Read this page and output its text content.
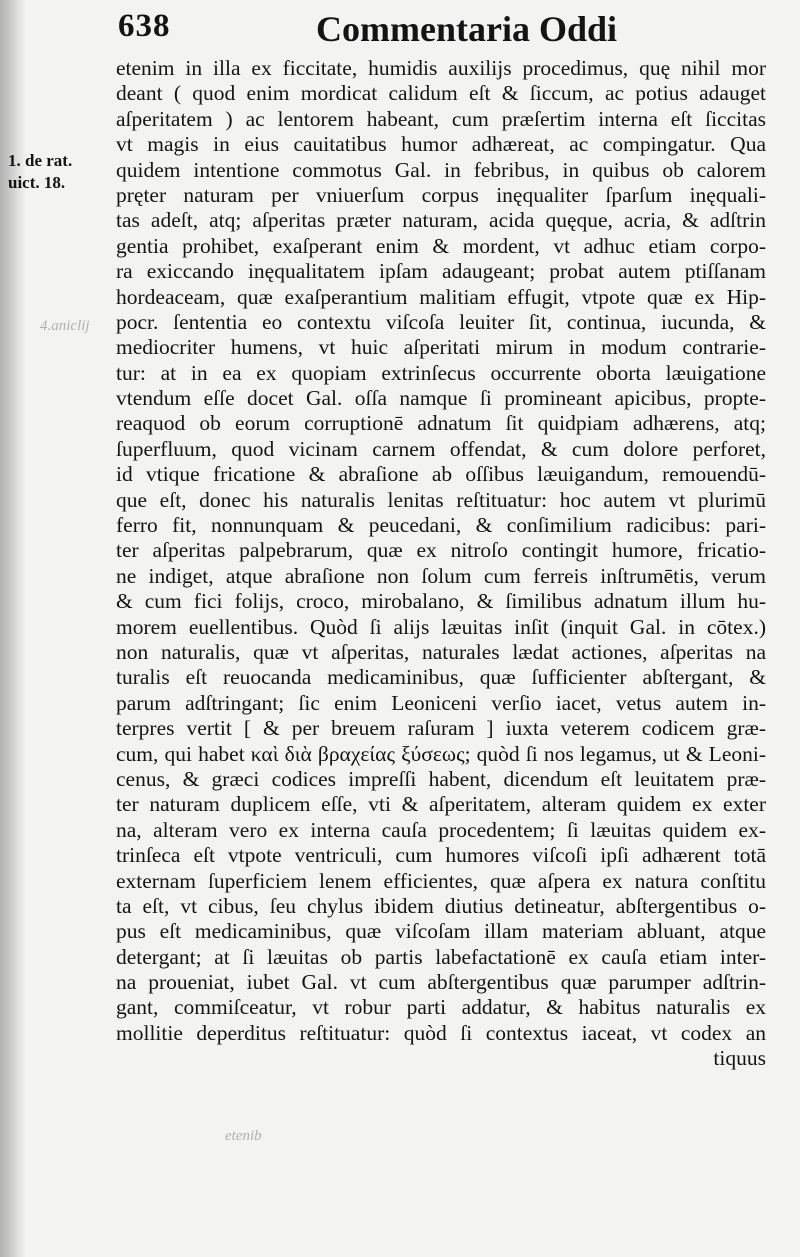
638	Commentaria Oddi
1. de rat.
uict. 18.
4.aniclij
etenib
etenim in illa ex ficcitate, humidis auxilijs procedimus, quę nihil mor
deant ( quod enim mordicat calidum eſt & ſiccum, ac potius adauget
aſperitatem ) ac lentorem habeant, cum præſertim interna eſt ſiccitas
vt magis in eius cauitatibus humor adhæreat, ac compingatur. Qua
quidem intentione commotus Gal. in febribus, in quibus ob calorem
pręter naturam per vniuerſum corpus inęqualiter ſparſum inęquali-
tas adeſt, atq; aſperitas præter naturam, acida quęque, acria, & adſtrin
gentia prohibet, exaſperant enim & mordent, vt adhuc etiam corpo-
ra exiccando inęqualitatem ipſam adaugeant; probat autem ptiſſanam
hordeaceam, quæ exaſperantium malitiam effugit, vtpote quæ ex Hip-
pocr. ſententia eo contextu viſcoſa leuiter ſit, continua, iucunda, &
mediocriter humens, vt huic aſperitati mirum in modum contrarie-
tur: at in ea ex quopiam extrinſecus occurrente oborta læuigatione
vtendum eſſe docet Gal. oſſa namque ſi promineant apicibus, propte-
reaquod ob eorum corruptionē adnatum ſit quidpiam adhærens, atq;
ſuperfluum, quod vicinam carnem offendat, & cum dolore perforet,
id vtique fricatione & abraſione ab oſſibus læuigandum, remouendū-
que eſt, donec his naturalis lenitas reſtituatur: hoc autem vt plurimū
ferro fit, nonnunquam & peucedani, & conſimilium radicibus: pari-
ter aſperitas palpebrarum, quæ ex nitroſo contingit humore, fricatio-
ne indiget, atque abraſione non ſolum cum ferreis inſtrumētis, verum
& cum fici folijs, croco, mirobalano, & ſimilibus adnatum illum hu-
morem euellentibus. Quòd ſi alijs læuitas inſit (inquit Gal. in cōtex.)
non naturalis, quæ vt aſperitas, naturales lædat actiones, aſperitas na
turalis eſt reuocanda medicaminibus, quæ ſufficienter abſtergant, &
parum adſtringant; ſic enim Leoniceni verſio iacet, vetus autem in-
terpres vertit [ & per breuem raſuram ] iuxta veterem codicem græ-
cum, qui habet καὶ διὰ βραχείας ξύσεως; quòd ſi nos legamus, ut & Leoni-
cenus, & græci codices impreſſi habent, dicendum eſt leuitatem præ-
ter naturam duplicem eſſe, vti & aſperitatem, alteram quidem ex exter
na, alteram vero ex interna cauſa procedentem; ſi læuitas quidem ex-
trinſeca eſt vtpote ventriculi, cum humores viſcoſi ipſi adhærent totā
externam ſuperficiem lenem efficientes, quæ aſpera ex natura conſtitu
ta eſt, vt cibus, ſeu chylus ibidem diutius detineatur, abſtergentibus o-
pus eſt medicaminibus, quæ viſcoſam illam materiam abluant, atque
detergant; at ſi læuitas ob partis labefactationē ex cauſa etiam inter-
na proueniat, iubet Gal. vt cum abſtergentibus quæ parumper adſtrin-
gant, commiſceatur, vt robur parti addatur, & habitus naturalis ex
mollitie deperditus reſtituatur: quòd ſi contextus iaceat, vt codex an
tiquus
